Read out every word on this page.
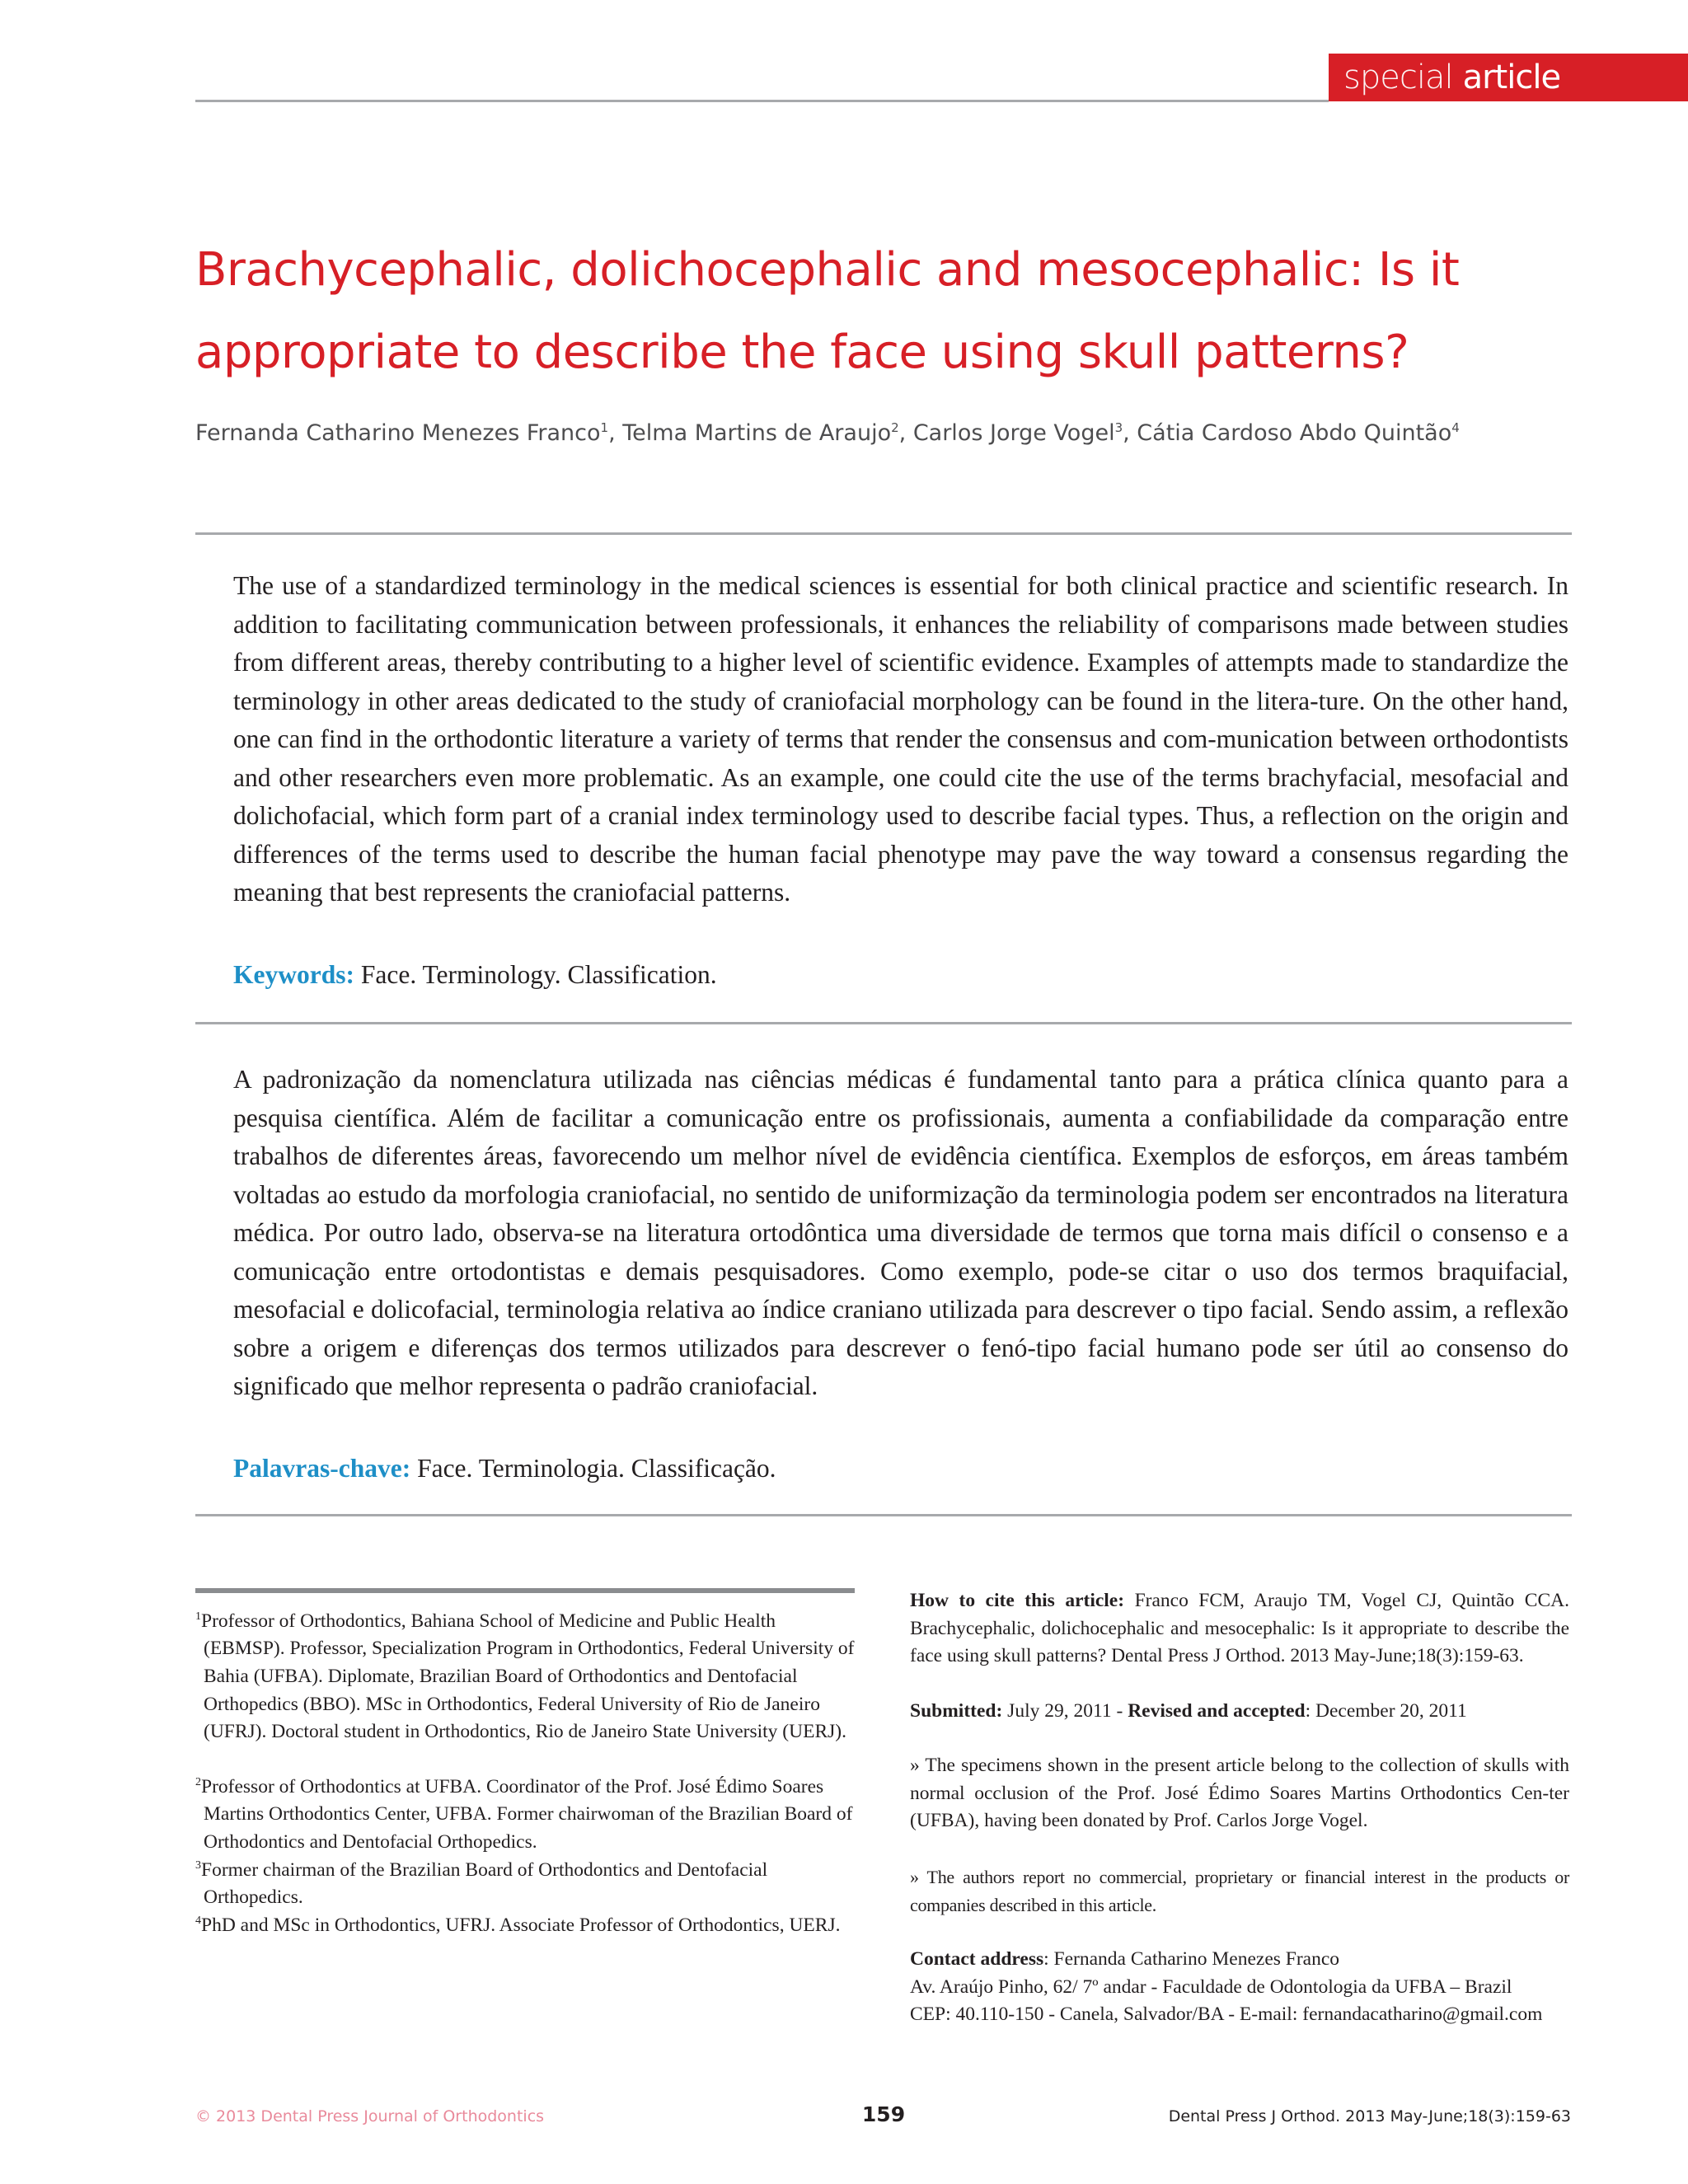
special article
Brachycephalic, dolichocephalic and mesocephalic: Is it
appropriate to describe the face using skull patterns?
Fernanda Catharino Menezes Franco$^1$, Telma Martins de Araujo$^2$, Carlos Jorge Vogel$^3$, Cátia Cardoso Abdo Quintão$^4$

The use of a standardized terminology in the medical sciences is essential for both clinical practice and scientific research. In addition to facilitating communication between professionals, it enhances the reliability of comparisons made between studies from different areas, thereby contributing to a higher level of scientific evidence. Examples of attempts made to standardize the terminology in other areas dedicated to the study of craniofacial morphology can be found in the litera-ture. On the other hand, one can find in the orthodontic literature a variety of terms that render the consensus and com-munication between orthodontists and other researchers even more problematic. As an example, one could cite the use of the terms brachyfacial, mesofacial and dolichofacial, which form part of a cranial index terminology used to describe facial types. Thus, a reflection on the origin and differences of the terms used to describe the human facial phenotype may pave the way toward a consensus regarding the meaning that best represents the craniofacial patterns.

Keywords: Face. Terminology. Classification.

A padronização da nomenclatura utilizada nas ciências médicas é fundamental tanto para a prática clínica quanto para a pesquisa científica. Além de facilitar a comunicação entre os profissionais, aumenta a confiabilidade da comparação entre trabalhos de diferentes áreas, favorecendo um melhor nível de evidência científica. Exemplos de esforços, em áreas também voltadas ao estudo da morfologia craniofacial, no sentido de uniformização da terminologia podem ser encontrados na literatura médica. Por outro lado, observa-se na literatura ortodôntica uma diversidade de termos que torna mais difícil o consenso e a comunicação entre ortodontistas e demais pesquisadores. Como exemplo, pode-se citar o uso dos termos braquifacial, mesofacial e dolicofacial, terminologia relativa ao índice craniano utilizada para descrever o tipo facial. Sendo assim, a reflexão sobre a origem e diferenças dos termos utilizados para descrever o fenó-tipo facial humano pode ser útil ao consenso do significado que melhor representa o padrão craniofacial.

Palavras-chave: Face. Terminologia. Classificação.
$^1$Professor of Orthodontics, Bahiana School of Medicine and Public Health (EBMSP). Professor, Specialization Program in Orthodontics, Federal University of Bahia (UFBA). Diplomate, Brazilian Board of Orthodontics and Dentofacial Orthopedics (BBO). MSc in Orthodontics, Federal University of Rio de Janeiro (UFRJ). Doctoral student in Orthodontics, Rio de Janeiro State University (UERJ).
$^2$Professor of Orthodontics at UFBA. Coordinator of the Prof. José Édimo Soares Martins Orthodontics Center, UFBA. Former chairwoman of the Brazilian Board of Orthodontics and Dentofacial Orthopedics.
$^3$Former chairman of the Brazilian Board of Orthodontics and Dentofacial Orthopedics.
$^4$PhD and MSc in Orthodontics, UFRJ. Associate Professor of Orthodontics, UERJ.
How to cite this article: Franco FCM, Araujo TM, Vogel CJ, Quintão CCA. Brachycephalic, dolichocephalic and mesocephalic: Is it appropriate to describe the face using skull patterns? Dental Press J Orthod. 2013 May-June;18(3):159-63.
Submitted: July 29, 2011 - Revised and accepted: December 20, 2011
» The specimens shown in the present article belong to the collection of skulls with normal occlusion of the Prof. José Édimo Soares Martins Orthodontics Cen-ter (UFBA), having been donated by Prof. Carlos Jorge Vogel.
» The authors report no commercial, proprietary or financial interest in the products or companies described in this article.
Contact address: Fernanda Catharino Menezes Franco
Av. Araújo Pinho, 62/ 7º andar - Faculdade de Odontologia da UFBA – Brazil
CEP: 40.110-150 - Canela, Salvador/BA - E-mail: fernandacatharino@gmail.com
© 2013 Dental Press Journal of Orthodontics	159	Dental Press J Orthod. 2013 May-June;18(3):159-63
